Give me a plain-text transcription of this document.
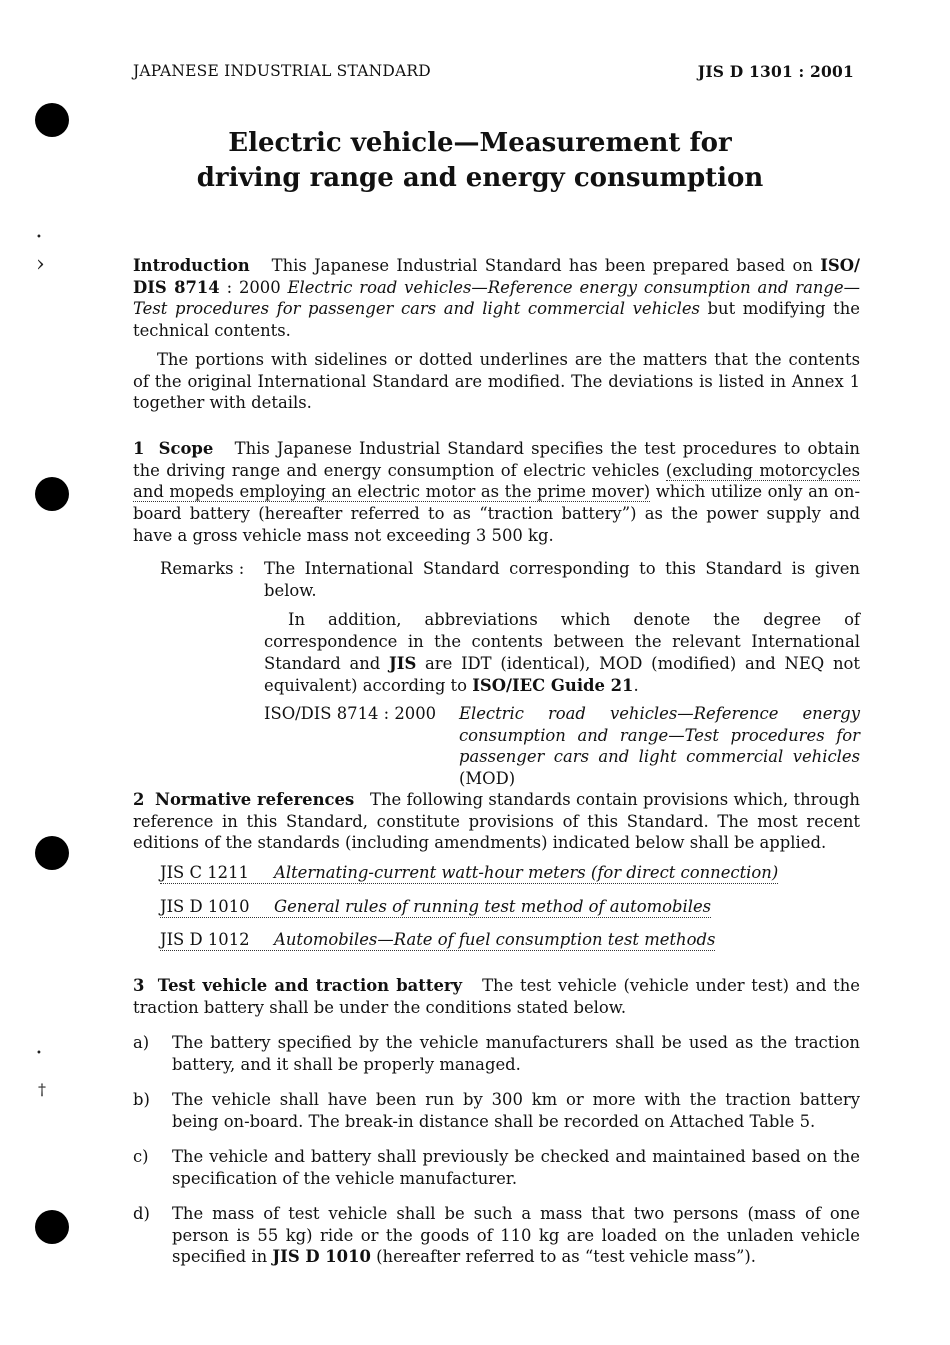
•
›
•
†
JAPANESE INDUSTRIAL STANDARD	JIS D 1301 : 2001
Electric vehicle—Measurement for
driving range and energy consumption

Introduction This Japanese Industrial Standard has been prepared based on ISO/ DIS 8714 : 2000 Electric road vehicles—Reference energy consumption and range—Test procedures for passenger cars and light commercial vehicles but modifying the technical contents.

The portions with sidelines or dotted underlines are the matters that the contents of the original International Standard are modified. The deviations is listed in Annex 1 together with details.

1 Scope This Japanese Industrial Standard specifies the test procedures to obtain the driving range and energy consumption of electric vehicles (excluding motorcycles and mopeds employing an electric motor as the prime mover) which utilize only an on-board battery (hereafter referred to as “traction battery”) as the power supply and have a gross vehicle mass not exceeding 3 500 kg.

Remarks : The International Standard corresponding to this Standard is given below.

In addition, abbreviations which denote the degree of correspondence in the contents between the relevant International Standard and JIS are IDT (identical), MOD (modified) and NEQ not equivalent) according to ISO/IEC Guide 21.

ISO/DIS 8714 : 2000 Electric road vehicles—Reference energy consumption and range—Test procedures for passenger cars and light commercial vehicles (MOD)

2 Normative references The following standards contain provisions which, through reference in this Standard, constitute provisions of this Standard. The most recent editions of the standards (including amendments) indicated below shall be applied.

JIS C 1211 Alternating-current watt-hour meters (for direct connection)
JIS D 1010 General rules of running test method of automobiles
JIS D 1012 Automobiles—Rate of fuel consumption test methods

3 Test vehicle and traction battery The test vehicle (vehicle under test) and the traction battery shall be under the conditions stated below.

a) The battery specified by the vehicle manufacturers shall be used as the traction battery, and it shall be properly managed.

b) The vehicle shall have been run by 300 km or more with the traction battery being on-board. The break-in distance shall be recorded on Attached Table 5.

c) The vehicle and battery shall previously be checked and maintained based on the specification of the vehicle manufacturer.

d) The mass of test vehicle shall be such a mass that two persons (mass of one person is 55 kg) ride or the goods of 110 kg are loaded on the unladen vehicle specified in JIS D 1010 (hereafter referred to as “test vehicle mass”).
